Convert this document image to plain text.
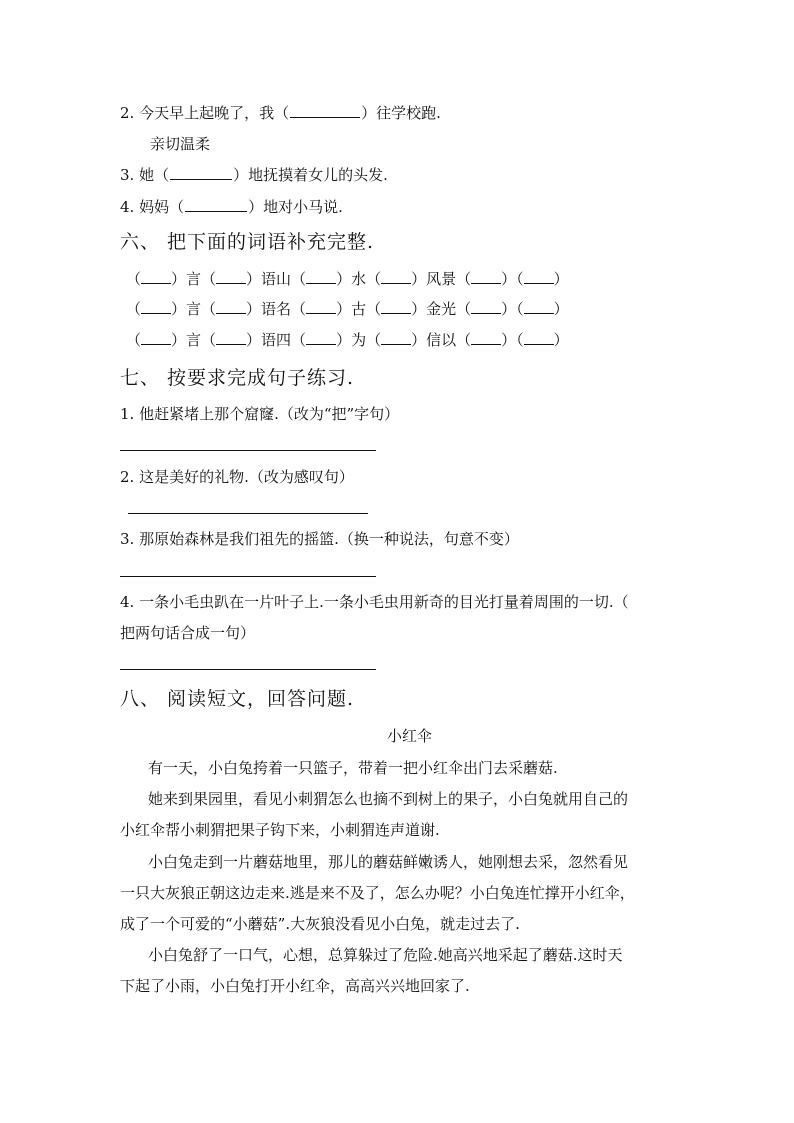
2. 今天早上起晚了，我（	）往学校跑.
亲切温柔
3. 她（	）地抚摸着女儿的头发.
4. 妈妈（	）地对小马说.
六、 把下面的词语补充完整.
（ ）言（ ）语山（ ）水（ ）风景（ ）（ ）
（ ）言（ ）语名（ ）古（ ）金光（ ）（ ）
（ ）言（ ）语四（ ）为（ ）信以（ ）（ ）
七、 按要求完成句子练习.
1. 他赶紧堵上那个窟窿.（改为“把”字句）
2. 这是美好的礼物.（改为感叹句）
3. 那原始森林是我们祖先的摇篮.（换一种说法，句意不变）
4. 一条小毛虫趴在一片叶子上.一条小毛虫用新奇的目光打量着周围的一切.（
把两句话合成一句）
八、 阅读短文，回答问题.
小红伞
有一天，小白兔挎着一只篮子，带着一把小红伞出门去采蘑菇.
她来到果园里，看见小刺猬怎么也摘不到树上的果子，小白兔就用自己的
小红伞帮小刺猬把果子钩下来，小刺猬连声道谢.
小白兔走到一片蘑菇地里，那儿的蘑菇鲜嫩诱人，她刚想去采，忽然看见
一只大灰狼正朝这边走来.逃是来不及了，怎么办呢？小白兔连忙撑开小红伞，
成了一个可爱的“小蘑菇”.大灰狼没看见小白兔，就走过去了.
小白兔舒了一口气，心想，总算躲过了危险.她高兴地采起了蘑菇.这时天
下起了小雨，小白兔打开小红伞，高高兴兴地回家了.
